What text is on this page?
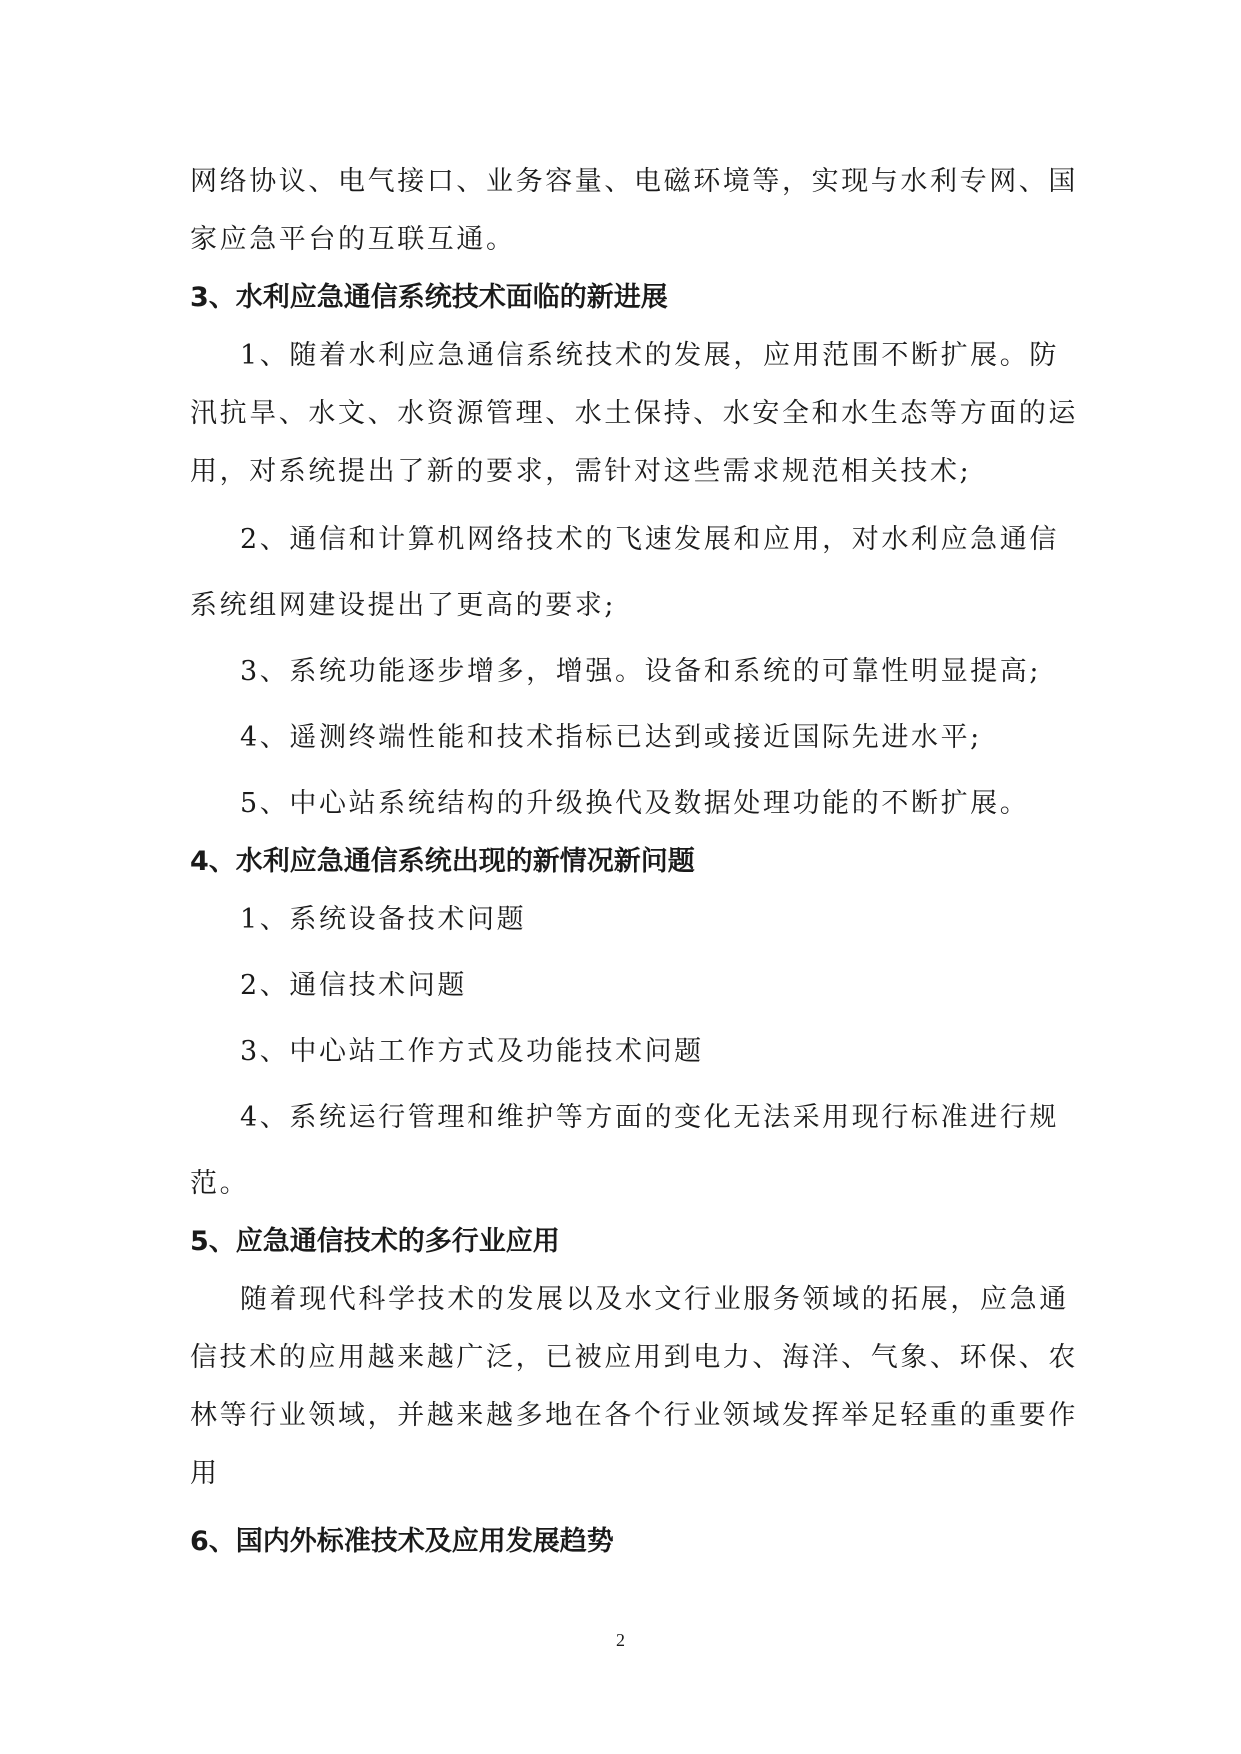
网络协议、电气接口、业务容量、电磁环境等，实现与水利专网、国
家应急平台的互联互通。
3、水利应急通信系统技术面临的新进展
1、随着水利应急通信系统技术的发展，应用范围不断扩展。防
汛抗旱、水文、水资源管理、水土保持、水安全和水生态等方面的运
用，对系统提出了新的要求，需针对这些需求规范相关技术;
2、通信和计算机网络技术的飞速发展和应用，对水利应急通信
系统组网建设提出了更高的要求;
3、系统功能逐步增多，增强。设备和系统的可靠性明显提高;
4、遥测终端性能和技术指标已达到或接近国际先进水平;
5、中心站系统结构的升级换代及数据处理功能的不断扩展。
4、水利应急通信系统出现的新情况新问题
1、系统设备技术问题
2、通信技术问题
3、中心站工作方式及功能技术问题
4、系统运行管理和维护等方面的变化无法采用现行标准进行规
范。
5、应急通信技术的多行业应用
随着现代科学技术的发展以及水文行业服务领域的拓展，应急通
信技术的应用越来越广泛，已被应用到电力、海洋、气象、环保、农
林等行业领域，并越来越多地在各个行业领域发挥举足轻重的重要作
用
6、国内外标准技术及应用发展趋势
2
